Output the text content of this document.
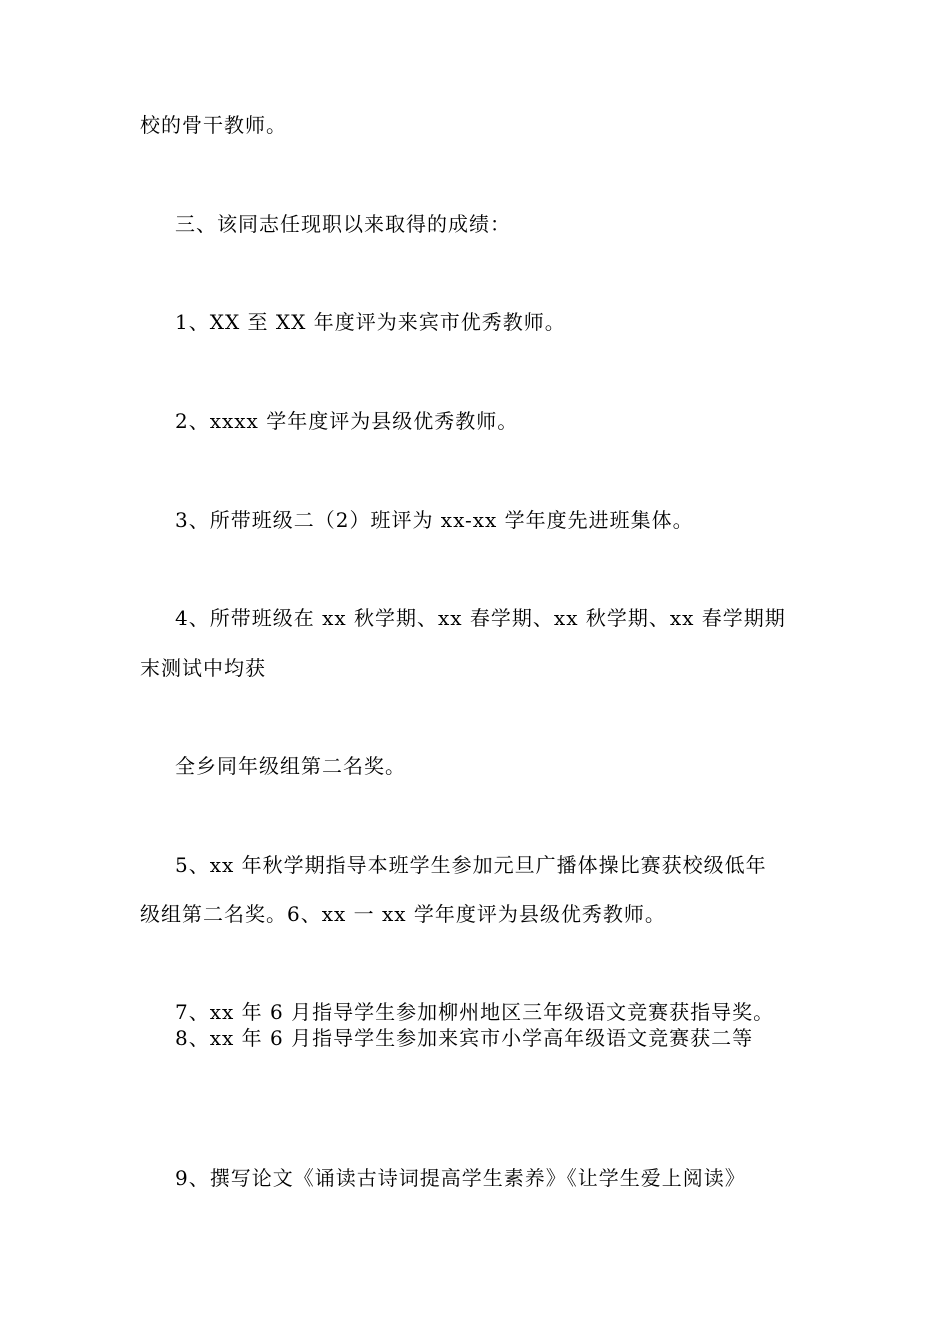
校的骨干教师。
三、该同志任现职以来取得的成绩：
1、XX 至 XX 年度评为来宾市优秀教师。
2、xxxx 学年度评为县级优秀教师。
3、所带班级二（2）班评为 xx-xx 学年度先进班集体。
4、所带班级在 xx 秋学期、xx 春学期、xx 秋学期、xx 春学期期
末测试中均获
全乡同年级组第二名奖。
5、xx 年秋学期指导本班学生参加元旦广播体操比赛获校级低年
级组第二名奖。6、xx 一 xx 学年度评为县级优秀教师。
7、xx 年 6 月指导学生参加柳州地区三年级语文竞赛获指导奖。
8、xx 年 6 月指导学生参加来宾市小学高年级语文竞赛获二等
9、撰写论文《诵读古诗词提高学生素养》《让学生爱上阅读》
